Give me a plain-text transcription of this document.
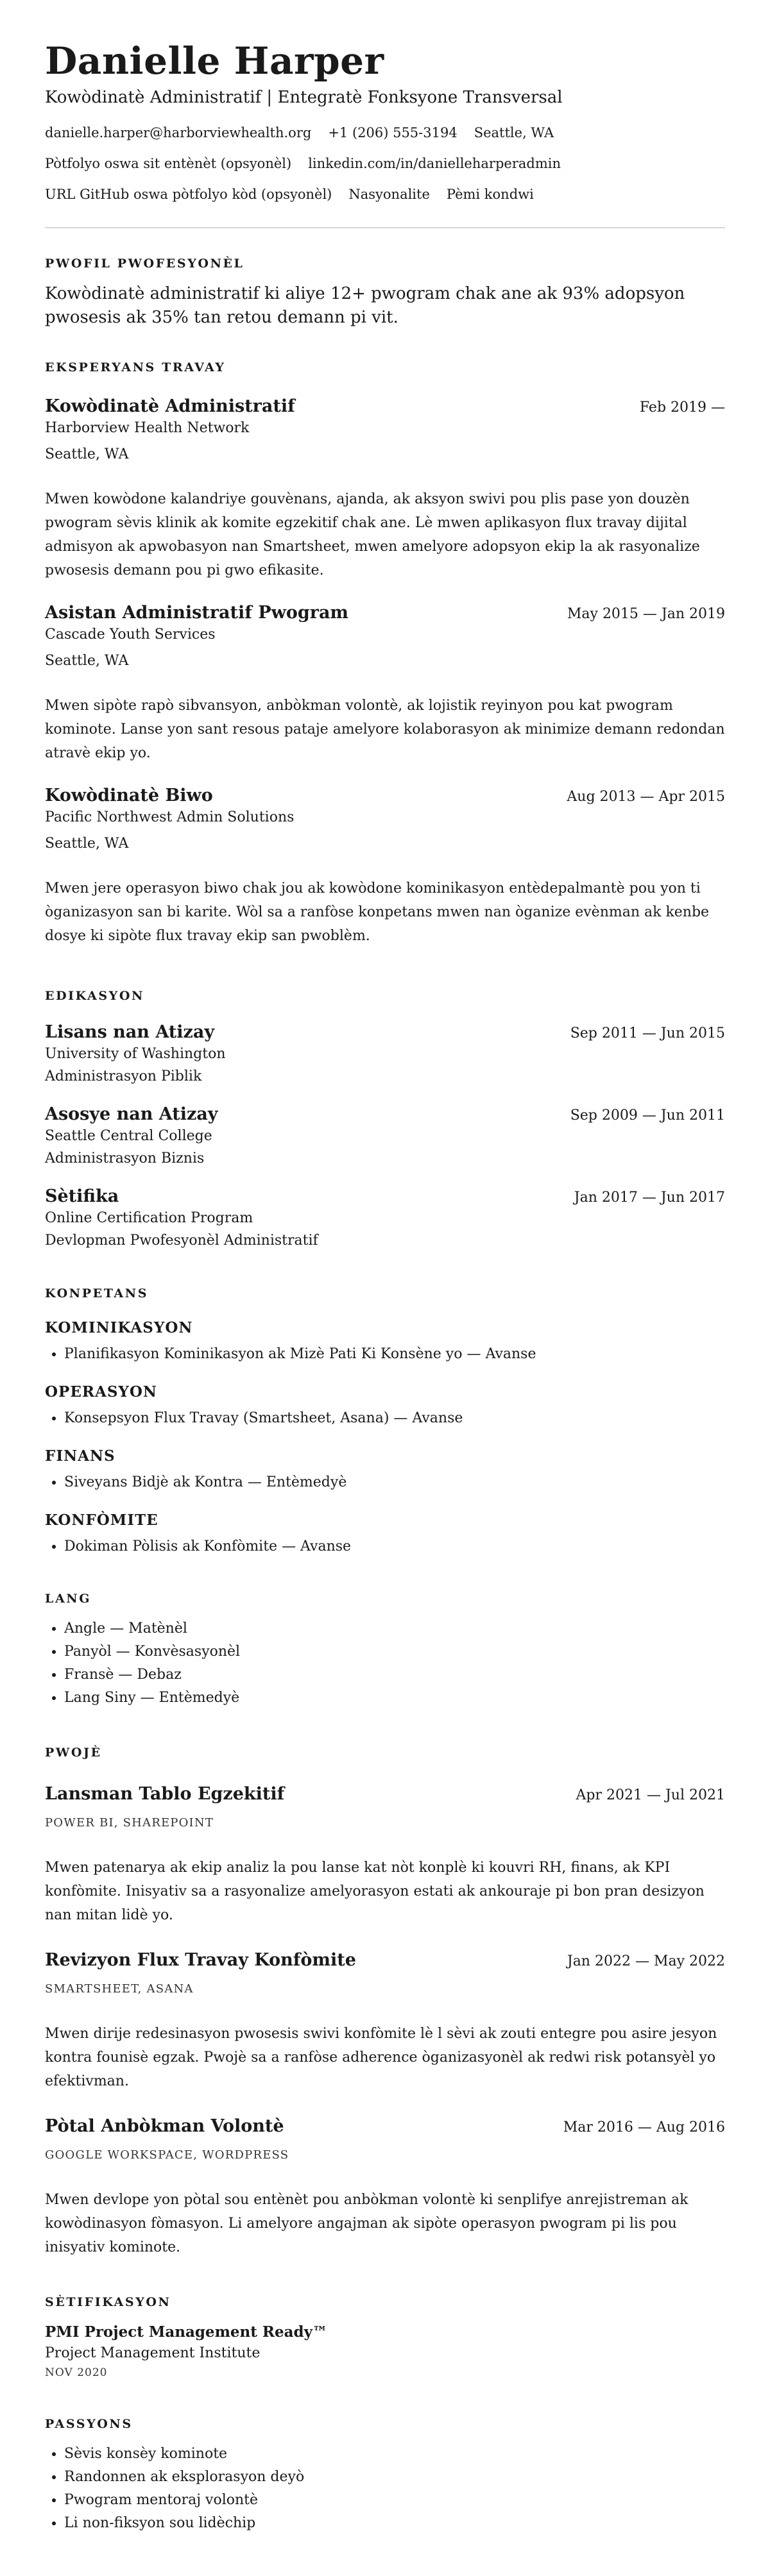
Danielle Harper
Kowòdinatè Administratif | Entegratè Fonksyone Transversal
danielle.harper@harborviewhealth.org +1 (206) 555-3194 Seattle, WA
Pòtfolyo oswa sit entènèt (opsyonèl) linkedin.com/in/danielleharperadmin
URL GitHub oswa pòtfolyo kòd (opsyonèl) Nasyonalite Pèmi kondwi
PWOFIL PWOFESYONÈL

Kowòdinatè administratif ki aliye 12+ pwogram chak ane ak 93% adopsyon pwosesis ak 35% tan retou demann pi vit.

EKSPERYANS TRAVAY
Kowòdinatè Administratif	Feb 2019 —
Harborview Health Network
Seattle, WA

Mwen kowòdone kalandriye gouvènans, ajanda, ak aksyon swivi pou plis pase yon douzèn pwogram sèvis klinik ak komite egzekitif chak ane. Lè mwen aplikasyon flux travay dijital admisyon ak apwobasyon nan Smartsheet, mwen amelyore adopsyon ekip la ak rasyonalize pwosesis demann pou pi gwo efikasite.

Asistan Administratif Pwogram	May 2015 — Jan 2019
Cascade Youth Services
Seattle, WA

Mwen sipòte rapò sibvansyon, anbòkman volontè, ak lojistik reyinyon pou kat pwogram kominote. Lanse yon sant resous pataje amelyore kolaborasyon ak minimize demann redondan atravè ekip yo.

Kowòdinatè Biwo	Aug 2013 — Apr 2015
Pacific Northwest Admin Solutions
Seattle, WA

Mwen jere operasyon biwo chak jou ak kowòdone kominikasyon entèdepalmantè pou yon ti òganizasyon san bi karite. Wòl sa a ranfòse konpetans mwen nan òganize evènman ak kenbe dosye ki sipòte flux travay ekip san pwoblèm.

EDIKASYON
Lisans nan Atizay	Sep 2011 — Jun 2015
University of Washington
Administrasyon Piblik
Asosye nan Atizay	Sep 2009 — Jun 2011
Seattle Central College
Administrasyon Biznis
Sètifika	Jan 2017 — Jun 2017
Online Certification Program
Devlopman Pwofesyonèl Administratif
KONPETANS
KOMINIKASYON
• Planifikasyon Kominikasyon ak Mizè Pati Ki Konsène yo — Avanse
OPERASYON
• Konsepsyon Flux Travay (Smartsheet, Asana) — Avanse
FINANS
• Siveyans Bidjè ak Kontra — Entèmedyè
KONFÒMITE
• Dokiman Pòlisis ak Konfòmite — Avanse
LANG
• Angle — Matènèl
• Panyòl — Konvèsasyonèl
• Fransè — Debaz
• Lang Siny — Entèmedyè
PWOJÈ
Lansman Tablo Egzekitif	Apr 2021 — Jul 2021
POWER BI, SHAREPOINT

Mwen patenarya ak ekip analiz la pou lanse kat nòt konplè ki kouvri RH, finans, ak KPI konfòmite. Inisyativ sa a rasyonalize amelyorasyon estati ak ankouraje pi bon pran desizyon nan mitan lidè yo.

Revizyon Flux Travay Konfòmite	Jan 2022 — May 2022
SMARTSHEET, ASANA

Mwen dirije redesinasyon pwosesis swivi konfòmite lè l sèvi ak zouti entegre pou asire jesyon kontra founisè egzak. Pwojè sa a ranfòse adherence òganizasyonèl ak redwi risk potansyèl yo efektivman.

Pòtal Anbòkman Volontè	Mar 2016 — Aug 2016
GOOGLE WORKSPACE, WORDPRESS

Mwen devlope yon pòtal sou entènèt pou anbòkman volontè ki senplifye anrejistreman ak kowòdinasyon fòmasyon. Li amelyore angajman ak sipòte operasyon pwogram pi lis pou inisyativ kominote.

SÈTIFIKASYON
PMI Project Management Ready™
Project Management Institute
NOV 2020
PASSYONS
• Sèvis konsèy kominote
• Randonnen ak eksplorasyon deyò
• Pwogram mentoraj volontè
• Li non-fiksyon sou lidèchip
